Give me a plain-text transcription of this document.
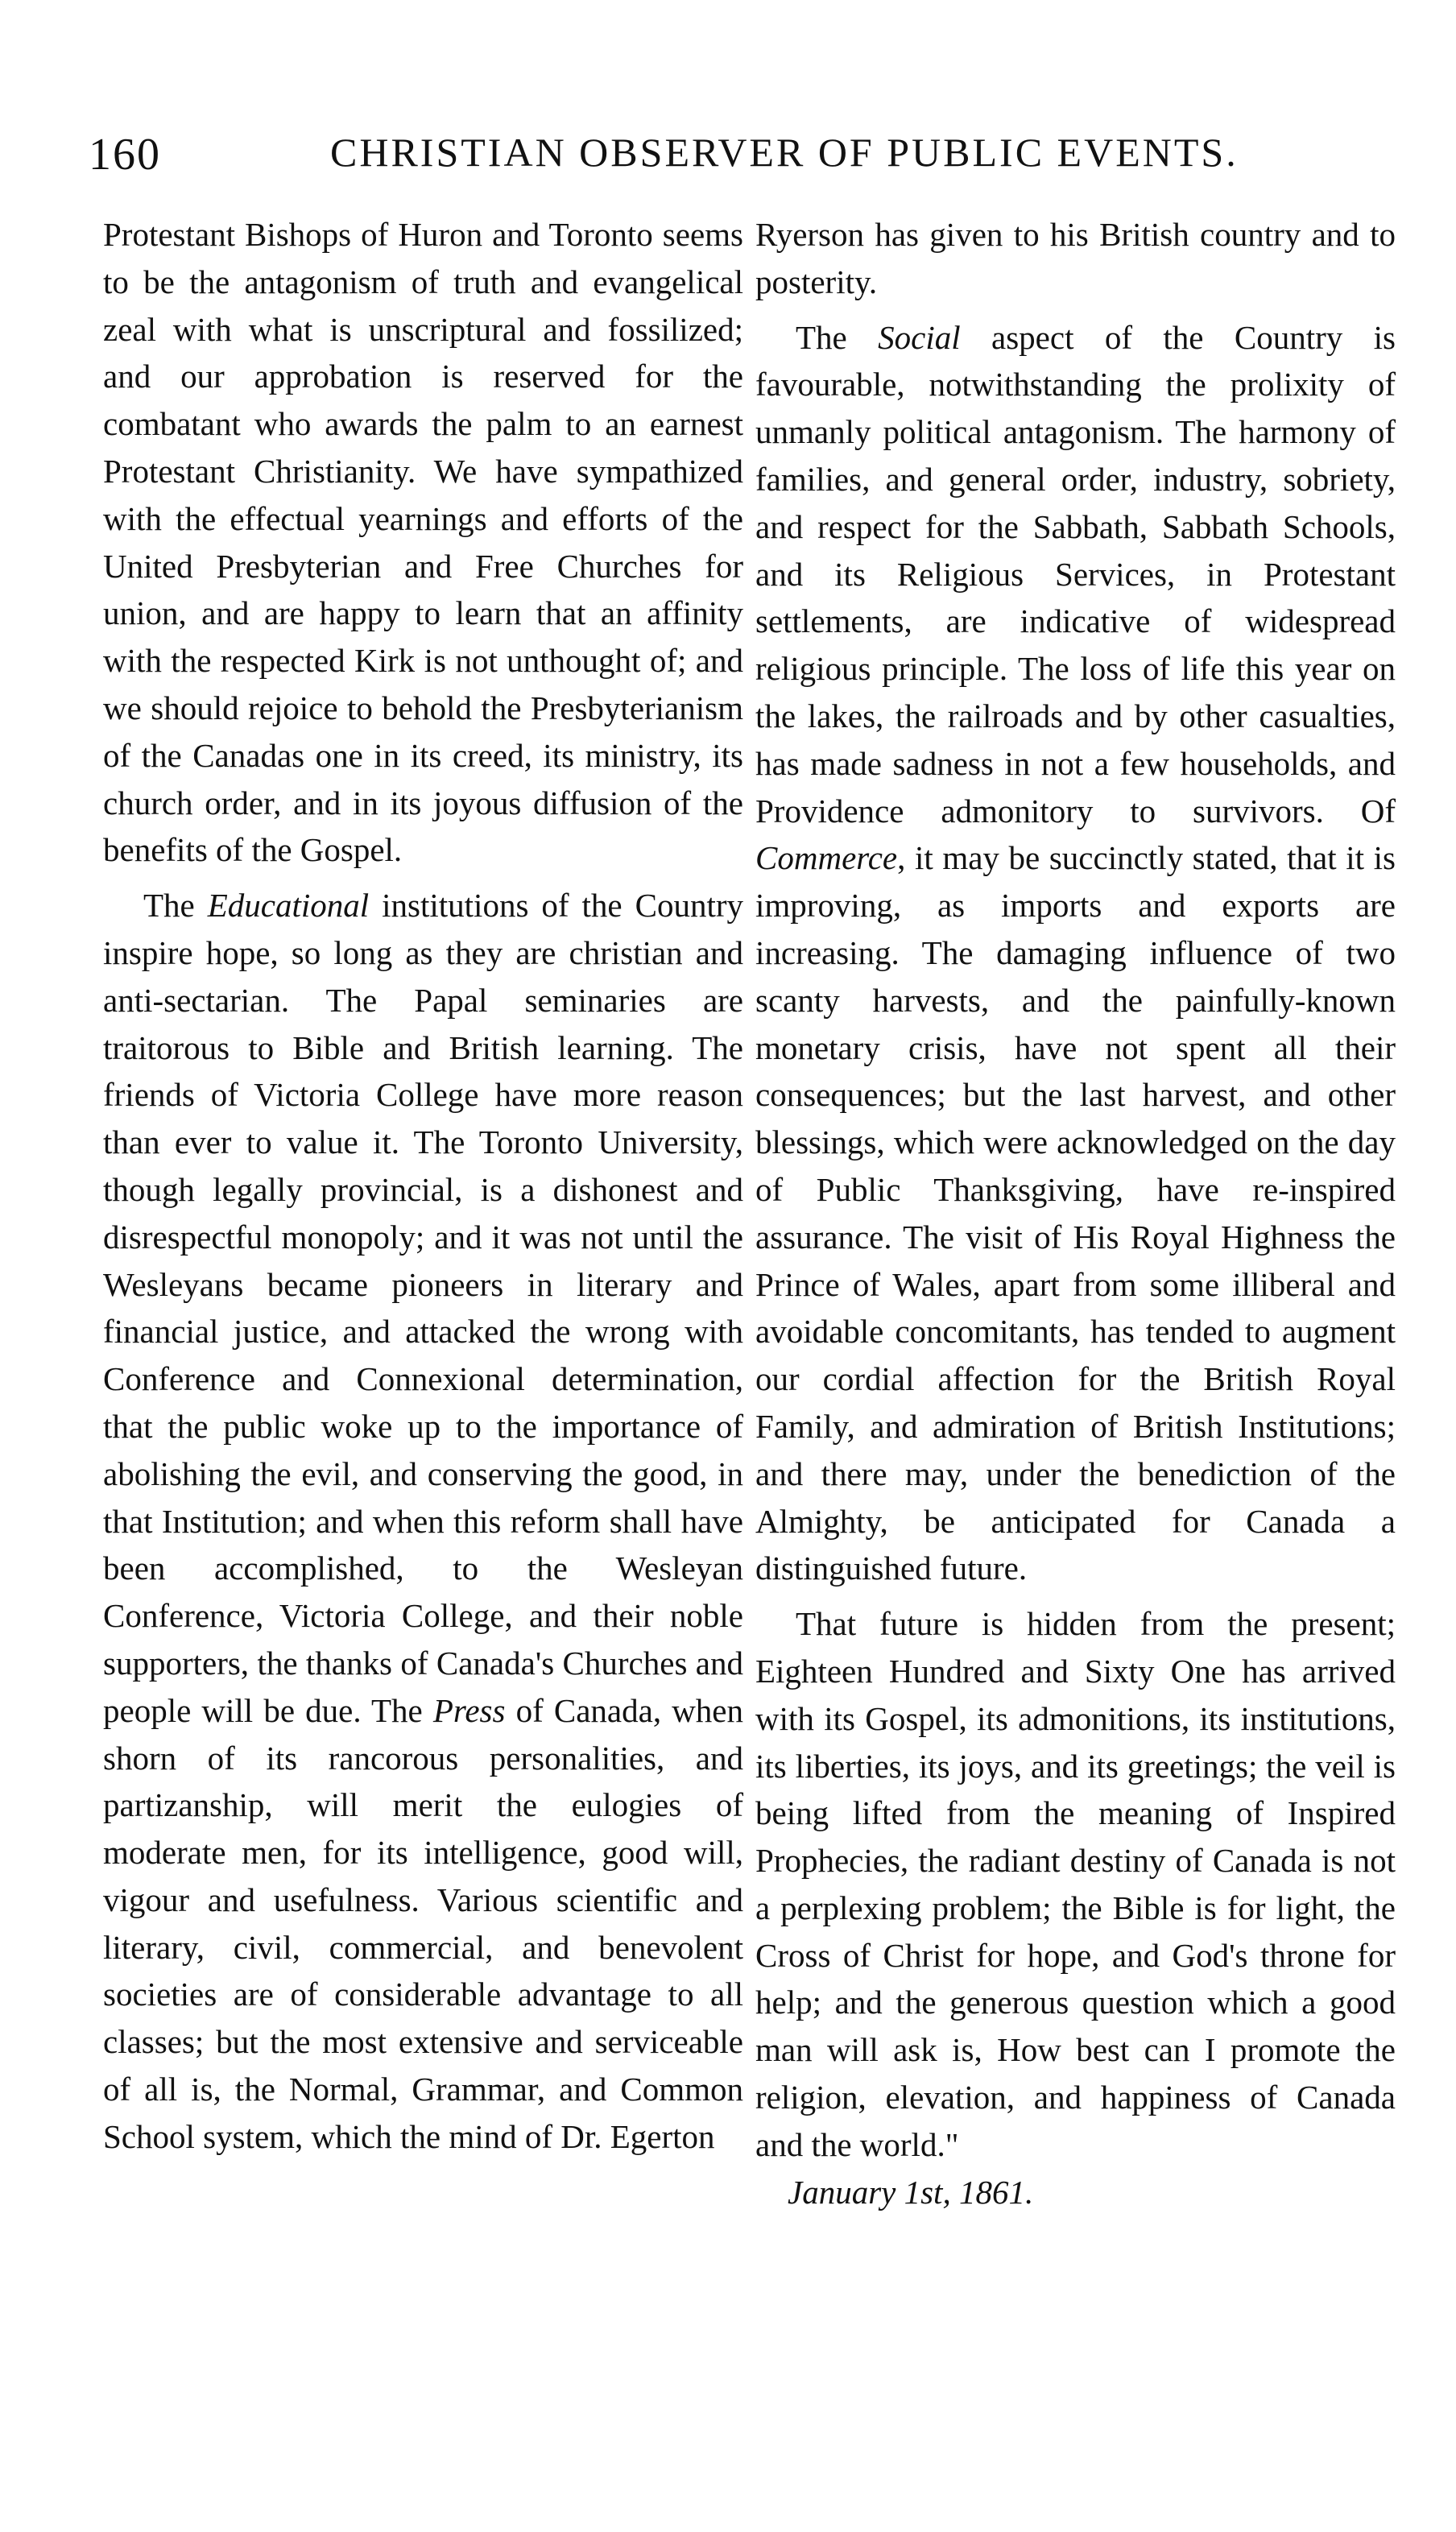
160	CHRISTIAN OBSERVER OF PUBLIC EVENTS.

Protestant Bishops of Huron and Toronto seems to be the antagonism of truth and evangelical zeal with what is unscriptural and fossilized; and our approbation is reserved for the combatant who awards the palm to an earnest Protestant Christianity. We have sympathized with the effectual yearnings and efforts of the United Presbyterian and Free Churches for union, and are happy to learn that an affinity with the respected Kirk is not unthought of; and we should rejoice to behold the Presbyterianism of the Canadas one in its creed, its ministry, its church order, and in its joyous diffusion of the benefits of the Gospel.

The Educational institutions of the Country inspire hope, so long as they are christian and anti-sectarian. The Papal seminaries are traitorous to Bible and British learning. The friends of Victoria College have more reason than ever to value it. The Toronto University, though legally provincial, is a dishonest and disrespectful monopoly; and it was not until the Wesleyans became pioneers in literary and financial justice, and attacked the wrong with Conference and Connexional determination, that the public woke up to the importance of abolishing the evil, and conserving the good, in that Institution; and when this reform shall have been accomplished, to the Wesleyan Conference, Victoria College, and their noble supporters, the thanks of Canada's Churches and people will be due. The Press of Canada, when shorn of its rancorous personalities, and partizanship, will merit the eulogies of moderate men, for its intelligence, good will, vigour and usefulness. Various scientific and literary, civil, commercial, and benevolent societies are of considerable advantage to all classes; but the most extensive and serviceable of all is, the Normal, Grammar, and Common School system, which the mind of Dr. Egerton

Ryerson has given to his British country and to posterity.

The Social aspect of the Country is favourable, notwithstanding the prolixity of unmanly political antagonism. The harmony of families, and general order, industry, sobriety, and respect for the Sabbath, Sabbath Schools, and its Religious Services, in Protestant settlements, are indicative of widespread religious principle. The loss of life this year on the lakes, the railroads and by other casualties, has made sadness in not a few households, and Providence admonitory to survivors. Of Commerce, it may be succinctly stated, that it is improving, as imports and exports are increasing. The damaging influence of two scanty harvests, and the painfully-known monetary crisis, have not spent all their consequences; but the last harvest, and other blessings, which were acknowledged on the day of Public Thanksgiving, have re-inspired assurance. The visit of His Royal Highness the Prince of Wales, apart from some illiberal and avoidable concomitants, has tended to augment our cordial affection for the British Royal Family, and admiration of British Institutions; and there may, under the benediction of the Almighty, be anticipated for Canada a distinguished future.

That future is hidden from the present; Eighteen Hundred and Sixty One has arrived with its Gospel, its admonitions, its institutions, its liberties, its joys, and its greetings; the veil is being lifted from the meaning of Inspired Prophecies, the radiant destiny of Canada is not a perplexing problem; the Bible is for light, the Cross of Christ for hope, and God's throne for help; and the generous question which a good man will ask is, How best can I promote the religion, elevation, and happiness of Canada and the world."

January 1st, 1861.
